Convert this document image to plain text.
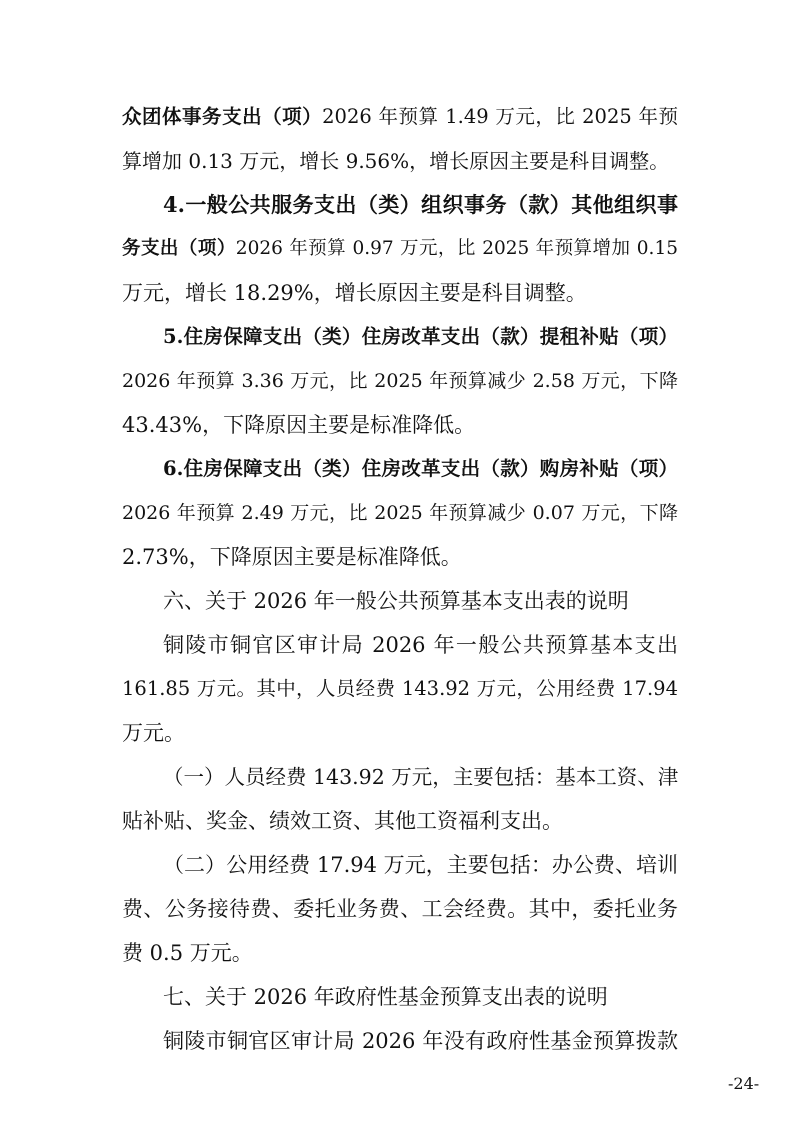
众团体事务支出（项）2026 年预算 1.49 万元，比 2025 年预
算增加 0.13 万元，增长 9.56%，增长原因主要是科目调整。
4.一般公共服务支出（类）组织事务（款）其他组织事
务支出（项）2026 年预算 0.97 万元，比 2025 年预算增加 0.15
万元，增长 18.29%，增长原因主要是科目调整。
5.住房保障支出（类）住房改革支出（款）提租补贴（项）
2026 年预算 3.36 万元，比 2025 年预算减少 2.58 万元，下降
43.43%，下降原因主要是标准降低。
6.住房保障支出（类）住房改革支出（款）购房补贴（项）
2026 年预算 2.49 万元，比 2025 年预算减少 0.07 万元，下降
2.73%，下降原因主要是标准降低。
六、关于 2026 年一般公共预算基本支出表的说明
铜陵市铜官区审计局 2026 年一般公共预算基本支出
161.85 万元。其中，人员经费 143.92 万元，公用经费 17.94
万元。
（一）人员经费 143.92 万元，主要包括：基本工资、津
贴补贴、奖金、绩效工资、其他工资福利支出。
（二）公用经费 17.94 万元，主要包括：办公费、培训
费、公务接待费、委托业务费、工会经费。其中，委托业务
费 0.5 万元。
七、关于 2026 年政府性基金预算支出表的说明
铜陵市铜官区审计局 2026 年没有政府性基金预算拨款
-24-
